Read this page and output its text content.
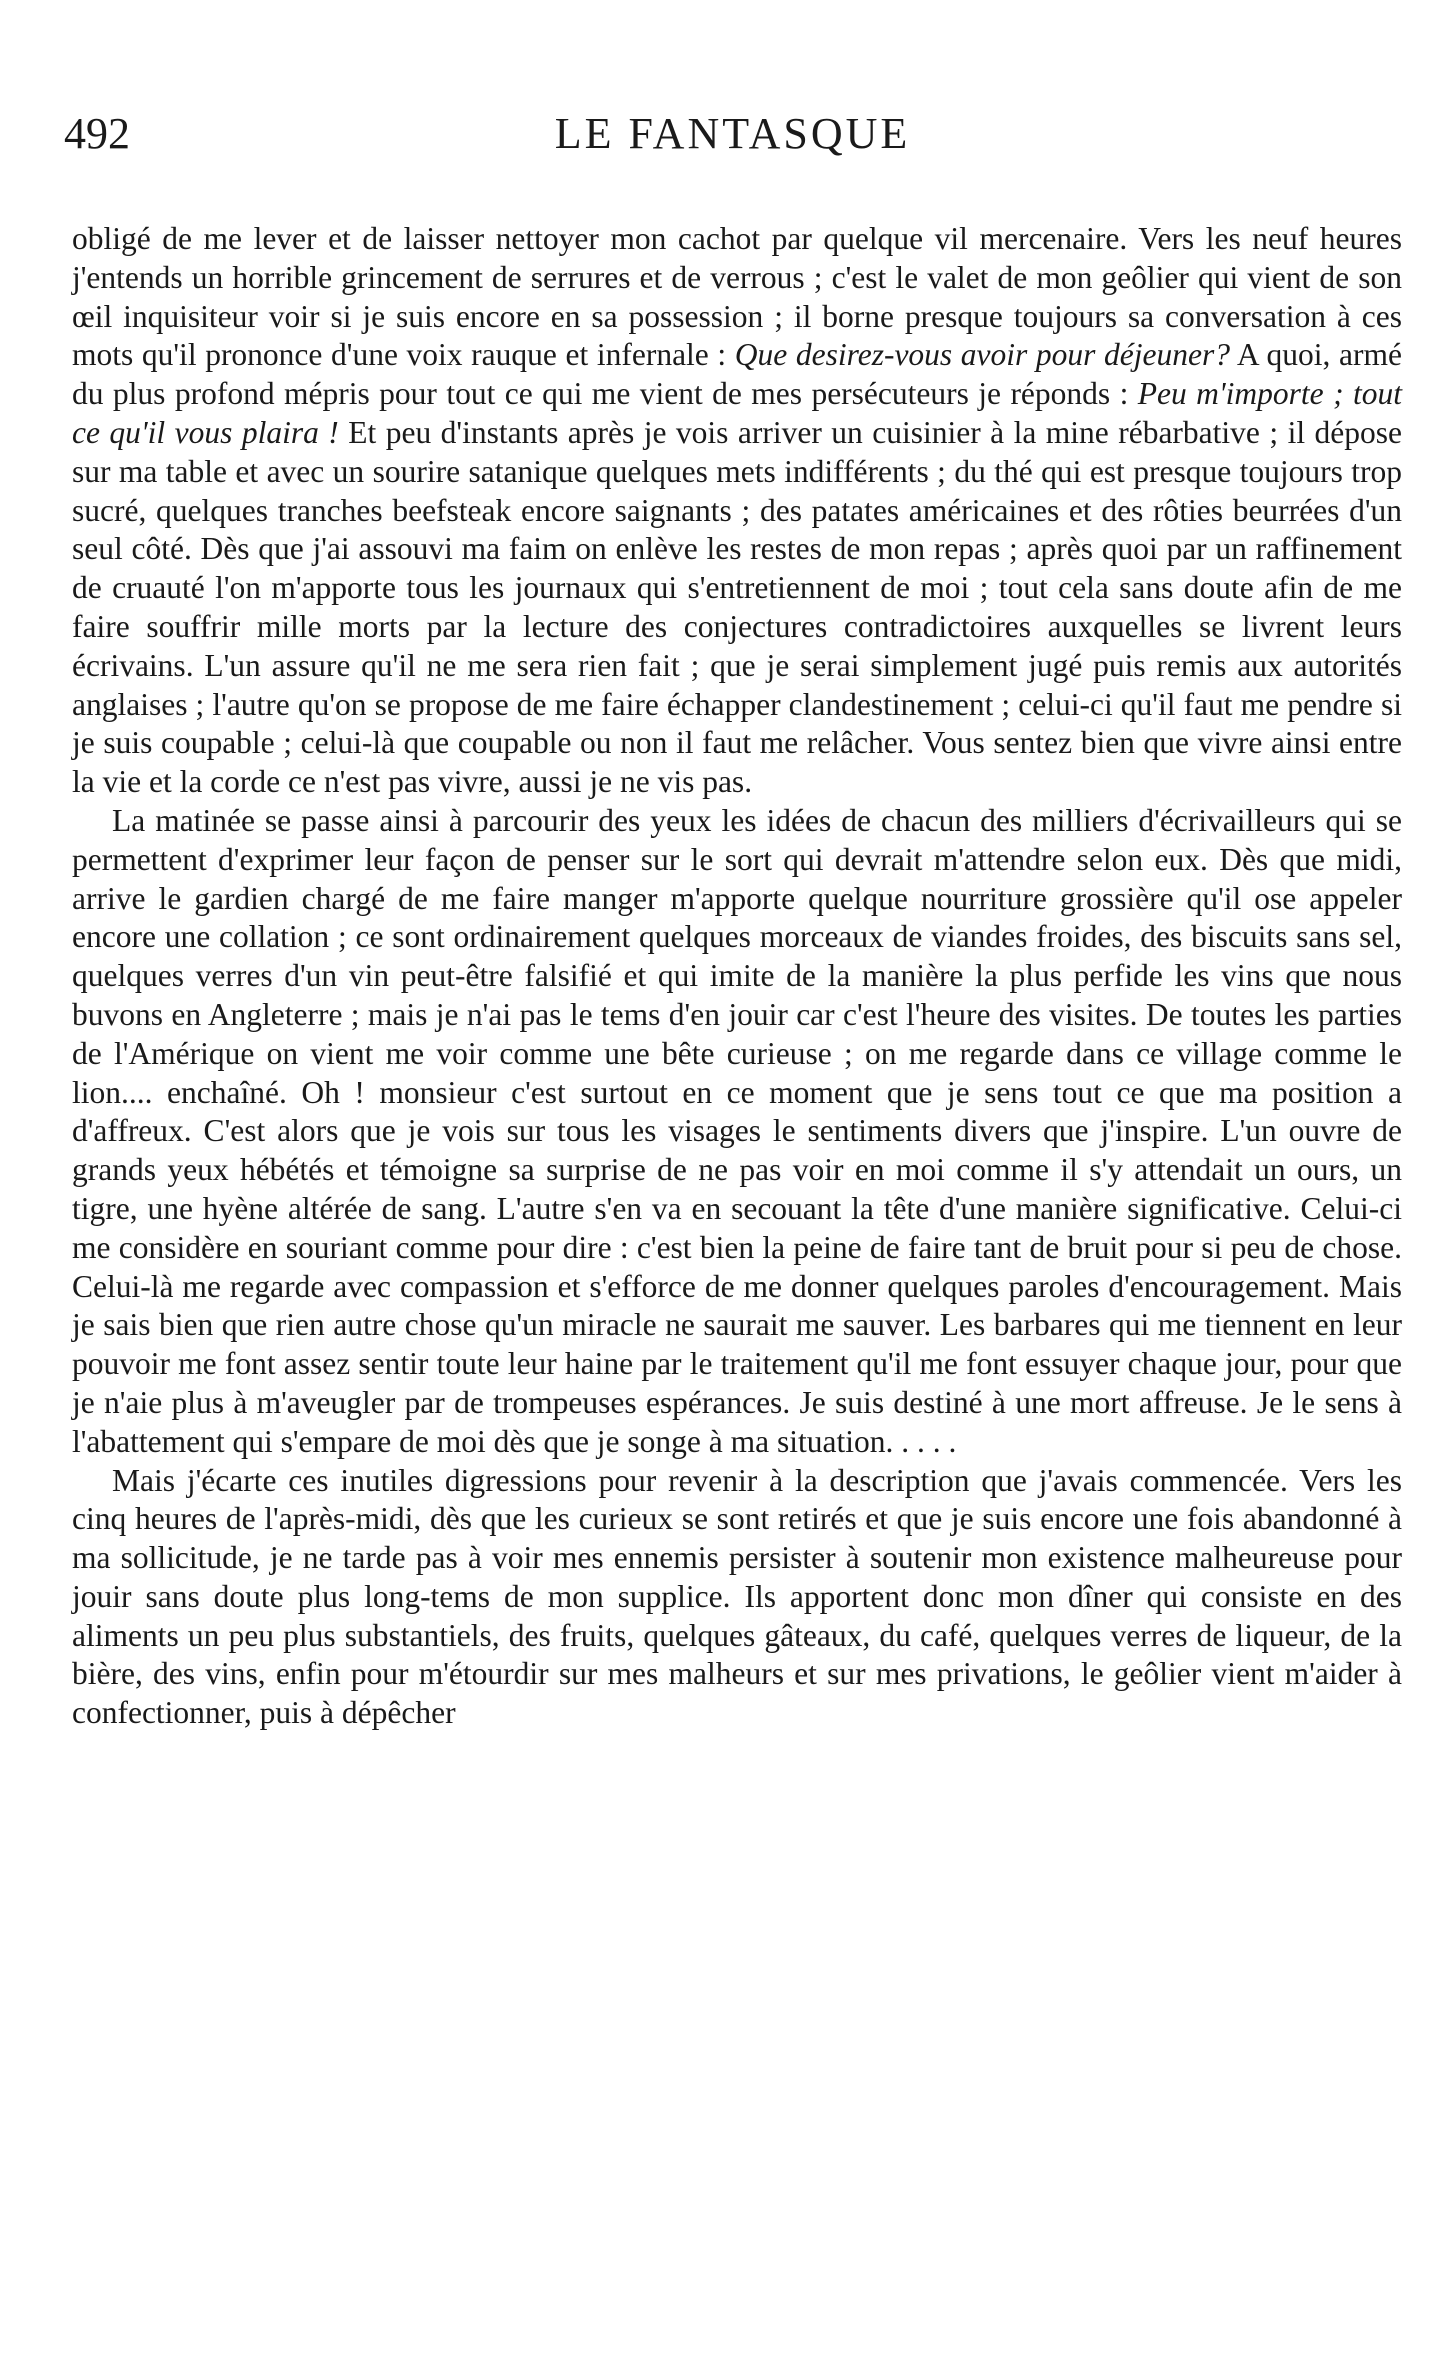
492	LE FANTASQUE

obligé de me lever et de laisser nettoyer mon cachot par quelque vil mercenaire. Vers les neuf heures j'entends un horrible grincement de serrures et de verrous ; c'est le valet de mon geôlier qui vient de son œil inquisiteur voir si je suis encore en sa possession ; il borne presque toujours sa conversation à ces mots qu'il prononce d'une voix rauque et infernale : Que desirez-vous avoir pour déjeuner? A quoi, armé du plus profond mépris pour tout ce qui me vient de mes persécuteurs je réponds : Peu m'importe ; tout ce qu'il vous plaira ! Et peu d'instants après je vois arriver un cuisinier à la mine rébarbative ; il dépose sur ma table et avec un sourire satanique quelques mets indifférents ; du thé qui est presque toujours trop sucré, quelques tranches beefsteak encore saignants ; des patates américaines et des rôties beurrées d'un seul côté. Dès que j'ai assouvi ma faim on enlève les restes de mon repas ; après quoi par un raffinement de cruauté l'on m'apporte tous les journaux qui s'entretiennent de moi ; tout cela sans doute afin de me faire souffrir mille morts par la lecture des conjectures contradictoires auxquelles se livrent leurs écrivains. L'un assure qu'il ne me sera rien fait ; que je serai simplement jugé puis remis aux autorités anglaises ; l'autre qu'on se propose de me faire échapper clandestinement ; celui-ci qu'il faut me pendre si je suis coupable ; celui-là que coupable ou non il faut me relâcher. Vous sentez bien que vivre ainsi entre la vie et la corde ce n'est pas vivre, aussi je ne vis pas.

La matinée se passe ainsi à parcourir des yeux les idées de chacun des milliers d'écrivailleurs qui se permettent d'exprimer leur façon de penser sur le sort qui devrait m'attendre selon eux. Dès que midi, arrive le gardien chargé de me faire manger m'apporte quelque nourriture grossière qu'il ose appeler encore une collation ; ce sont ordinairement quelques morceaux de viandes froides, des biscuits sans sel, quelques verres d'un vin peut-être falsifié et qui imite de la manière la plus perfide les vins que nous buvons en Angleterre ; mais je n'ai pas le tems d'en jouir car c'est l'heure des visites. De toutes les parties de l'Amérique on vient me voir comme une bête curieuse ; on me regarde dans ce village comme le lion.... enchaîné. Oh ! monsieur c'est surtout en ce moment que je sens tout ce que ma position a d'affreux. C'est alors que je vois sur tous les visages le sentiments divers que j'inspire. L'un ouvre de grands yeux hébétés et témoigne sa surprise de ne pas voir en moi comme il s'y attendait un ours, un tigre, une hyène altérée de sang. L'autre s'en va en secouant la tête d'une manière significative. Celui-ci me considère en souriant comme pour dire : c'est bien la peine de faire tant de bruit pour si peu de chose. Celui-là me regarde avec compassion et s'efforce de me donner quelques paroles d'encouragement. Mais je sais bien que rien autre chose qu'un miracle ne saurait me sauver. Les barbares qui me tiennent en leur pouvoir me font assez sentir toute leur haine par le traitement qu'il me font essuyer chaque jour, pour que je n'aie plus à m'aveugler par de trompeuses espérances. Je suis destiné à une mort affreuse. Je le sens à l'abattement qui s'empare de moi dès que je songe à ma situation. . . . .

Mais j'écarte ces inutiles digressions pour revenir à la description que j'avais commencée. Vers les cinq heures de l'après-midi, dès que les curieux se sont retirés et que je suis encore une fois abandonné à ma sollicitude, je ne tarde pas à voir mes ennemis persister à soutenir mon existence malheureuse pour jouir sans doute plus long-tems de mon supplice. Ils apportent donc mon dîner qui consiste en des aliments un peu plus substantiels, des fruits, quelques gâteaux, du café, quelques verres de liqueur, de la bière, des vins, enfin pour m'étourdir sur mes malheurs et sur mes privations, le geôlier vient m'aider à confectionner, puis à dépêcher
